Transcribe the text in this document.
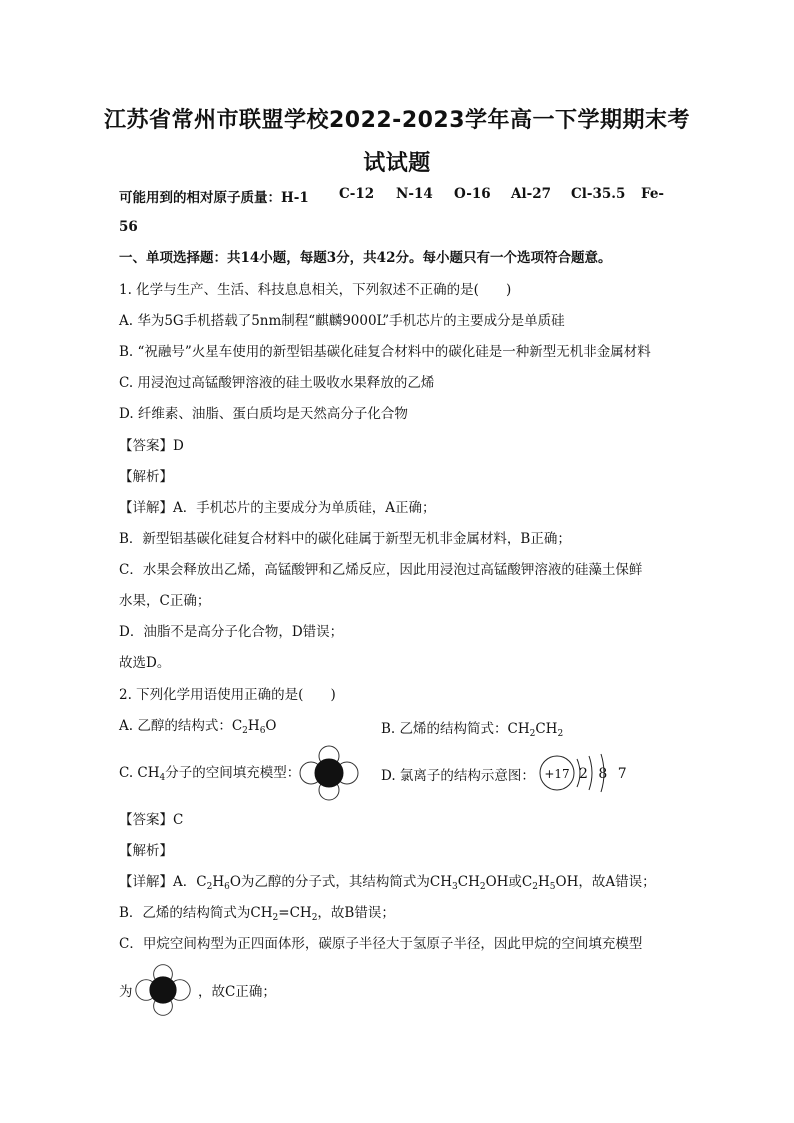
江苏省常州市联盟学校2022-2023学年高一下学期期末考
试试题
可能用到的相对原子质量：H-1 C-12 N-14 O-16 Al-27 Cl-35.5 Fe-
56
一、单项选择题：共14小题，每题3分，共42分。每小题只有一个选项符合题意。
1. 化学与生产、生活、科技息息相关，下列叙述不正确的是(　　)
A. 华为5G手机搭载了5nm制程“麒麟9000L”手机芯片的主要成分是单质硅
B. “祝融号”火星车使用的新型铝基碳化硅复合材料中的碳化硅是一种新型无机非金属材料
C. 用浸泡过高锰酸钾溶液的硅土吸收水果释放的乙烯
D. 纤维素、油脂、蛋白质均是天然高分子化合物
【答案】D
【解析】
【详解】A．手机芯片的主要成分为单质硅，A正确；
B．新型铝基碳化硅复合材料中的碳化硅属于新型无机非金属材料，B正确；
C．水果会释放出乙烯，高锰酸钾和乙烯反应，因此用浸泡过高锰酸钾溶液的硅藻土保鲜
水果，C正确；
D．油脂不是高分子化合物，D错误；
故选D。
2. 下列化学用语使用正确的是(　　)
A. 乙醇的结构式：$C_2H_6O$	B. 乙烯的结构简式：$CH_2CH_2$
C. $CH_4$分子的空间填充模型：	D. 氯离子的结构示意图： +17 2 8 7
【答案】C
【解析】
【详解】A．$C_2H_6O$为乙醇的分子式，其结构简式为$CH_3CH_2OH$或$C_2H_5OH$，故A错误；
B．乙烯的结构简式为$CH_2=CH_2$，故B错误；
C．甲烷空间构型为正四面体形，碳原子半径大于氢原子半径，因此甲烷的空间填充模型
为	，故C正确；
